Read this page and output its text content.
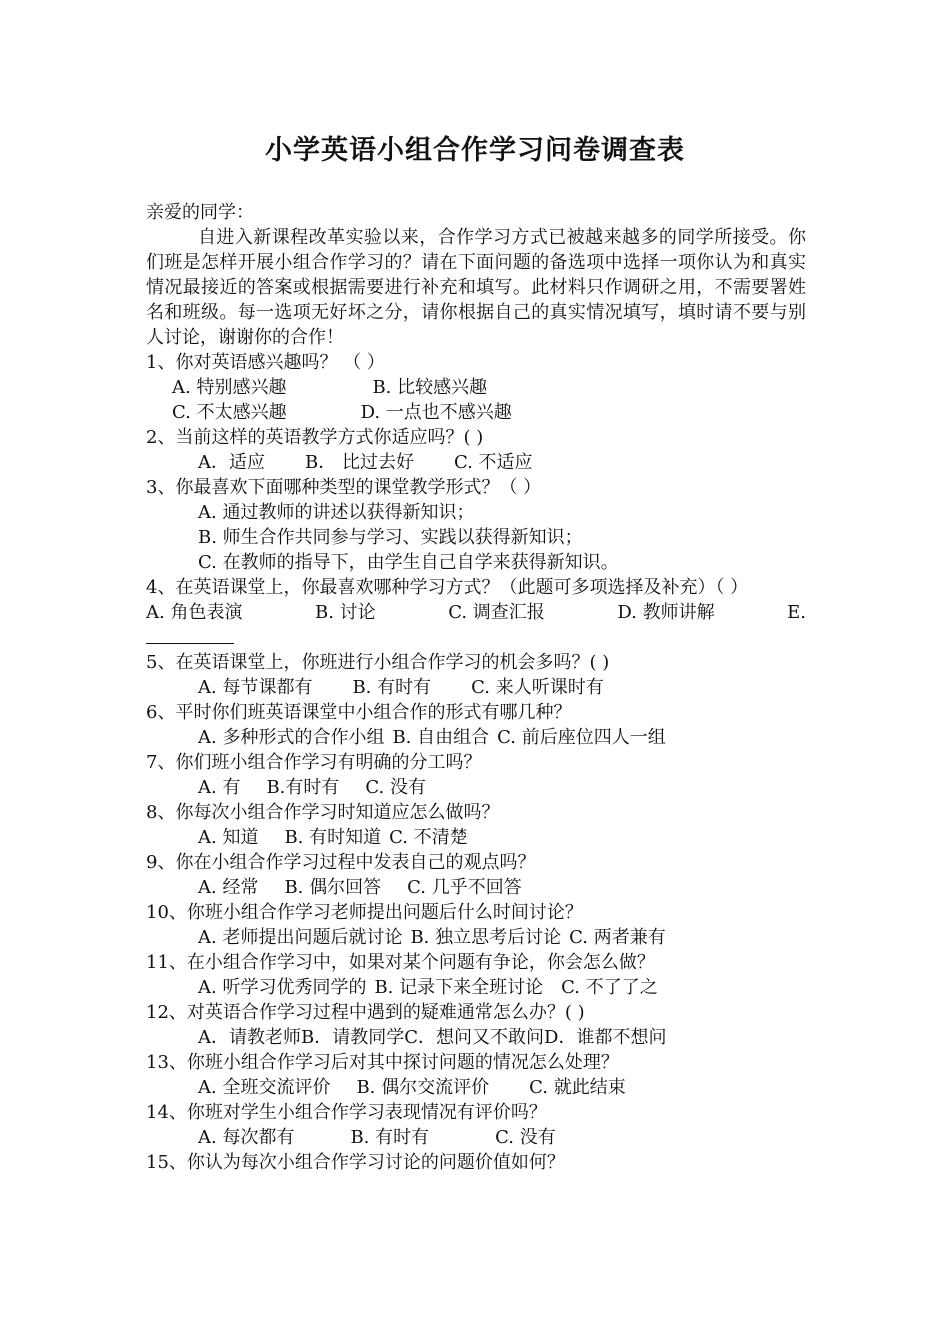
小学英语小组合作学习问卷调查表
亲爱的同学：
自进入新课程改革实验以来，合作学习方式已被越来越多的同学所接受。你们班是怎样开展小组合作学习的？请在下面问题的备选项中选择一项你认为和真实情况最接近的答案或根据需要进行补充和填写。此材料只作调研之用，不需要署姓名和班级。每一选项无好坏之分，请你根据自己的真实情况填写，填时请不要与别人讨论，谢谢你的合作！
1、你对英语感兴趣吗？ （ ）
A. 特别感兴趣	B. 比较感兴趣
C. 不太感兴趣	D. 一点也不感兴趣
2、当前这样的英语教学方式你适应吗？( )
A．适应 B． 比过去好 C. 不适应
3、你最喜欢下面哪种类型的课堂教学形式？（ ）
A. 通过教师的讲述以获得新知识；
B. 师生合作共同参与学习、实践以获得新知识；
C. 在教师的指导下，由学生自己自学来获得新知识。
4、在英语课堂上，你最喜欢哪种学习方式？（此题可多项选择及补充）（ ）
A. 角色表演	B. 讨论	C. 调查汇报	D. 教师讲解	E.
5、在英语课堂上，你班进行小组合作学习的机会多吗？( )
A. 每节课都有 B. 有时有 C. 来人听课时有
6、平时你们班英语课堂中小组合作的形式有哪几种？
A. 多种形式的合作小组 B. 自由组合 C. 前后座位四人一组
7、你们班小组合作学习有明确的分工吗？
A. 有 B.有时有 C. 没有
8、你每次小组合作学习时知道应怎么做吗？
A. 知道 B. 有时知道 C. 不清楚
9、你在小组合作学习过程中发表自己的观点吗？
A. 经常 B. 偶尔回答 C. 几乎不回答
10、你班小组合作学习老师提出问题后什么时间讨论？
A. 老师提出问题后就讨论 B. 独立思考后讨论 C. 两者兼有
11、在小组合作学习中，如果对某个问题有争论，你会怎么做？
A. 听学习优秀同学的 B. 记录下来全班讨论 C. 不了了之
12、对英语合作学习过程中遇到的疑难通常怎么办？( )
A．请教老师B．请教同学C．想问又不敢问D．谁都不想问
13、你班小组合作学习后对其中探讨问题的情况怎么处理？
A. 全班交流评价 B. 偶尔交流评价 C. 就此结束
14、你班对学生小组合作学习表现情况有评价吗？
A. 每次都有	B. 有时有	C. 没有
15、你认为每次小组合作学习讨论的问题价值如何？
